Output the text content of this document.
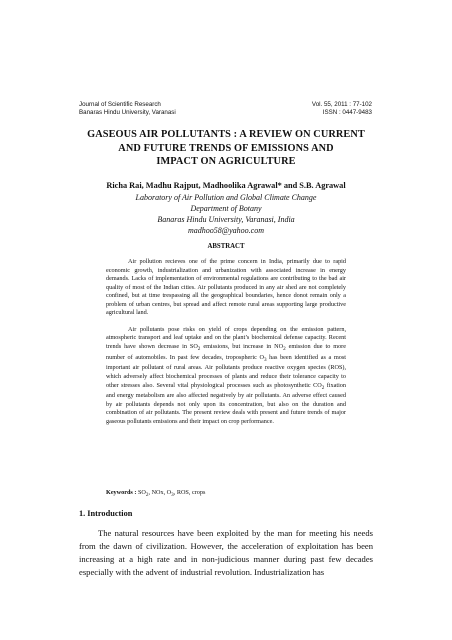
Journal of Scientific Research	Vol. 55, 2011 : 77-102
Banaras Hindu University, Varanasi	ISSN : 0447-9483
GASEOUS AIR POLLUTANTS : A REVIEW ON CURRENT
AND FUTURE TRENDS OF EMISSIONS AND
IMPACT ON AGRICULTURE
Richa Rai, Madhu Rajput, Madhoolika Agrawal* and S.B. Agrawal
Laboratory of Air Pollution and Global Climate Change
Department of Botany
Banaras Hindu University, Varanasi, India
madhoo58@yahoo.com
ABSTRACT

Air pollution recieves one of the prime concern in India, primarily due to rapid economic growth, industrialization and urbanization with associated increase in energy demands. Lacks of implementation of environmental regulations are contributing to the bad air quality of most of the Indian cities. Air pollutants produced in any air shed are not completely confined, but at time trespassing all the geographical boundaries, hence donot remain only a problem of urban centres, but spread and affect remote rural areas supporting large productive agricultural land.

Air pollutants pose risks on yield of crops depending on the emission pattern, atmospheric transport and leaf uptake and on the plant’s biochemical defense capacity. Recent trends have shown decrease in $SO_2$ emissions, but increase in $NO_2$ emission due to more number of automobiles. In past few decades, tropospheric $O_3$ has been identified as a most important air pollutant of rural areas. Air pollutants produce reactive oxygen species (ROS), which adversely affect biochemical processes of plants and reduce their tolerance capacity to other stresses also. Several vital physiological processes such as photosynthetic $CO_2$ fixation and energy metabolism are also affected negatively by air pollutants. An adverse effect caused by air pollutants depends not only upon its concentration, but also on the duration and combination of air pollutants. The present review deals with present and future trends of major gaseous pollutants emissions and their impact on crop performance.

Keywords : $SO_2$, NOx, $O_3$, ROS, crops
1. Introduction

The natural resources have been exploited by the man for meeting his needs from the dawn of civilization. However, the acceleration of exploitation has been increasing at a high rate and in non-judicious manner during past few decades especially with the advent of industrial revolution. Industrialization has
